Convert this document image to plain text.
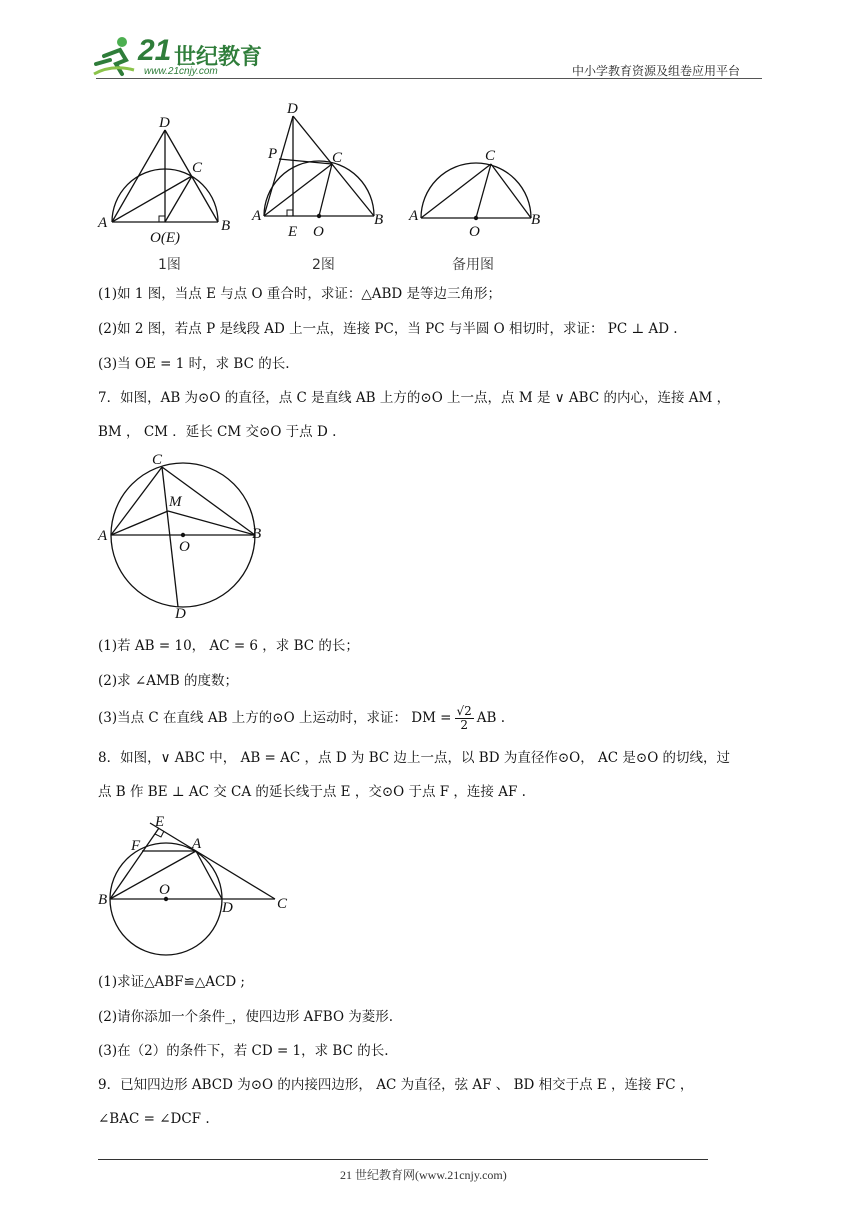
21 世纪教育
www.21cnjy.com	中小学教育资源及组卷应用平台
D
C
A	B
O(E)
1图
D
P	C
A
E O
B
2图
C
A
O
B
备用图
(1)如 1 图，当点 E 与点 O 重合时，求证：△ABD 是等边三角形；
(2)如 2 图，若点 P 是线段 AD 上一点，连接 PC，当 PC 与半圆 O 相切时，求证： PC ⊥ AD .
(3)当 OE = 1 时，求 BC 的长.
7．如图，AB 为⊙O 的直径，点 C 是直线 AB 上方的⊙O 上一点，点 M 是 ∨ ABC 的内心，连接 AM ，
BM ， CM ．延长 CM 交⊙O 于点 D .
C
M
A
O
B
D
(1)若 AB = 10， AC = 6 ，求 BC 的长；
(2)求 ∠AMB 的度数；
(3)当点 C 在直线 AB 上方的⊙O 上运动时，求证： DM = $\frac{√2}{2}$ AB .
8．如图，∨ ABC 中， AB = AC ，点 D 为 BC 边上一点，以 BD 为直径作⊙O， AC 是⊙O 的切线，过
点 B 作 BE ⊥ AC 交 CA 的延长线于点 E ，交⊙O 于点 F ，连接 AF .
E
F	A
O
B	D	C
(1)求证△ABF≌△ACD ;
(2)请你添加一个条件_，使四边形 AFBO 为菱形.
(3)在（2）的条件下，若 CD = 1，求 BC 的长.
9．已知四边形 ABCD 为⊙O 的内接四边形， AC 为直径，弦 AF 、 BD 相交于点 E ，连接 FC ，
∠BAC = ∠DCF .
21 世纪教育网(www.21cnjy.com)
